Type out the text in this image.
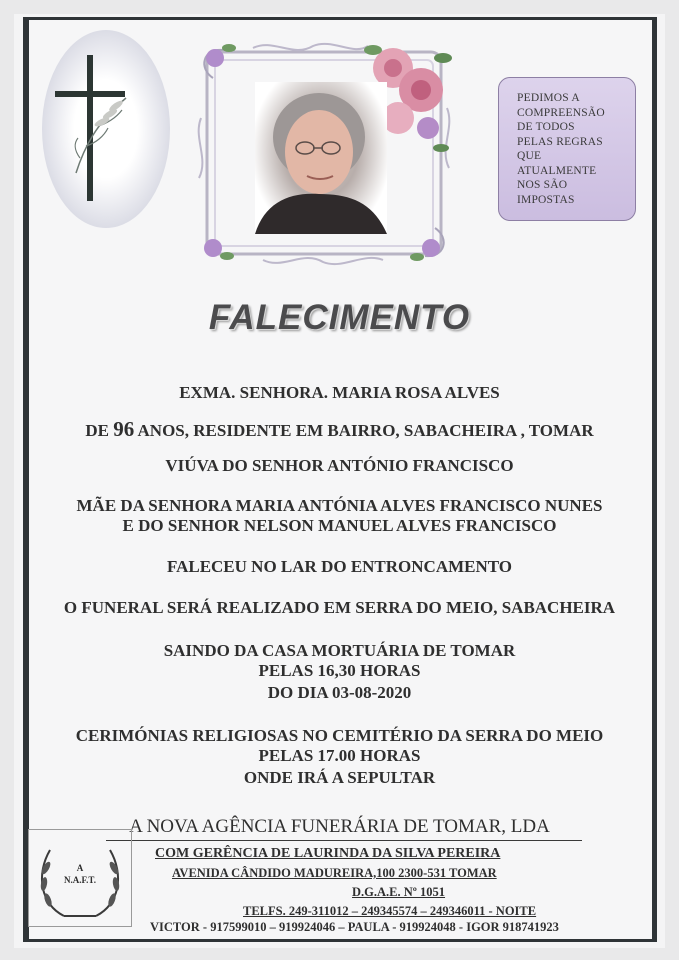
PEDIMOS A
COMPREENSÃO
DE TODOS
PELAS REGRAS
QUE
ATUALMENTE
NOS SÃO
IMPOSTAS
FALECIMENTO
EXMA. SENHORA. MARIA ROSA ALVES
DE 96 ANOS, RESIDENTE EM BAIRRO, SABACHEIRA , TOMAR
VIÚVA DO SENHOR ANTÓNIO FRANCISCO
MÃE DA SENHORA MARIA ANTÓNIA ALVES FRANCISCO NUNES
E DO SENHOR NELSON MANUEL ALVES FRANCISCO
FALECEU NO LAR DO ENTRONCAMENTO
O FUNERAL SERÁ REALIZADO EM SERRA DO MEIO, SABACHEIRA
SAINDO DA CASA MORTUÁRIA DE TOMAR
PELAS 16,30 HORAS
DO DIA 03-08-2020
CERIMÓNIAS RELIGIOSAS NO CEMITÉRIO DA SERRA DO MEIO
PELAS 17.00 HORAS
ONDE IRÁ A SEPULTAR
A NOVA AGÊNCIA FUNERÁRIA DE TOMAR, LDA
A
N.A.F.T.
COM GERÊNCIA DE LAURINDA DA SILVA PEREIRA
AVENIDA CÂNDIDO MADUREIRA,100 2300-531 TOMAR
D.G.A.E. Nº 1051
TELFS. 249-311012 – 249345574 – 249346011 - NOITE
VICTOR - 917599010 – 919924046 – PAULA - 919924048 - IGOR 918741923
